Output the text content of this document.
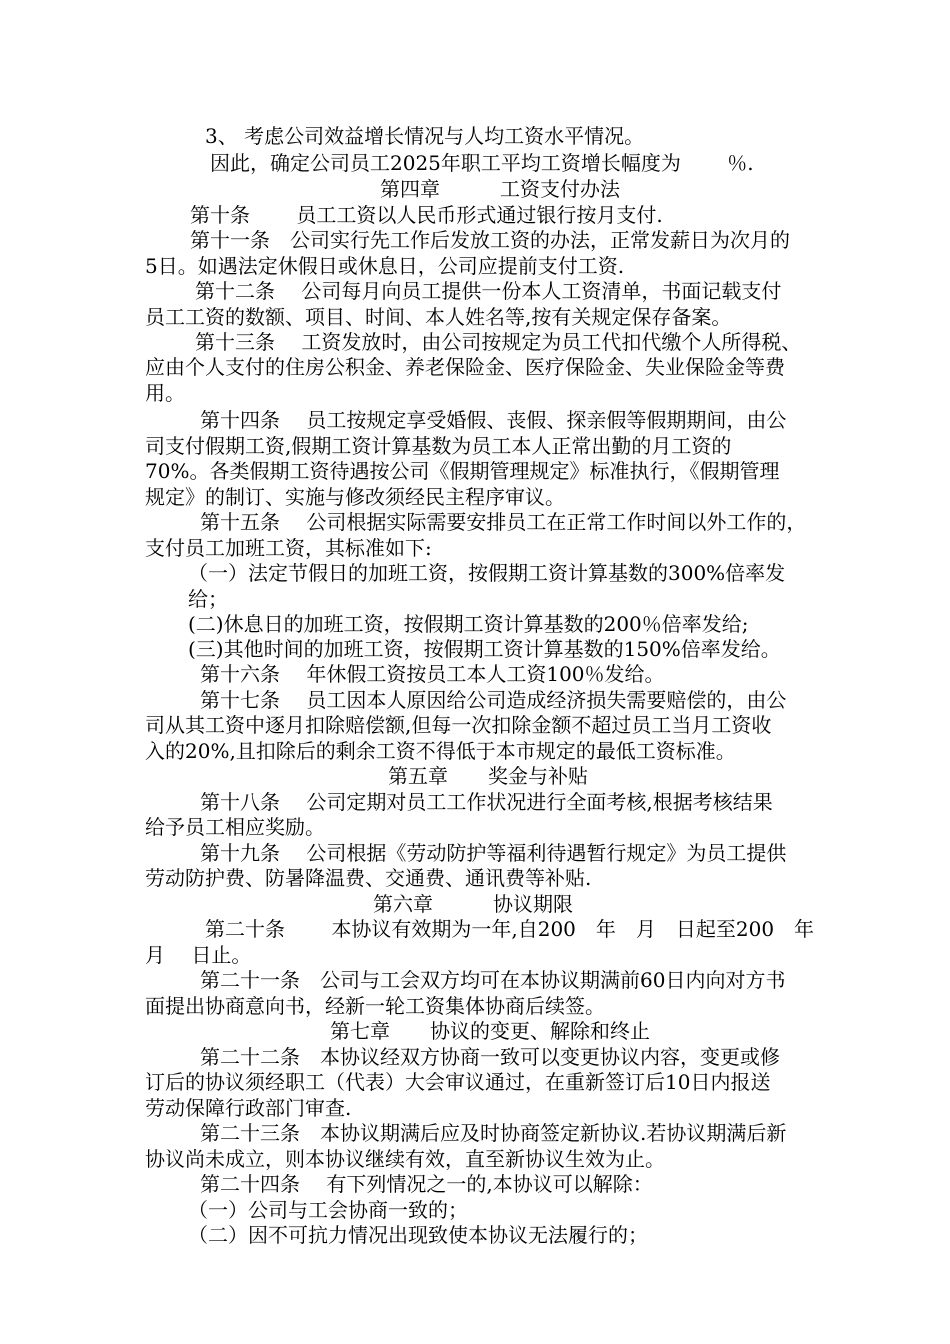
3、 考虑公司效益增长情况与人均工资水平情况。
因此，确定公司员工2025年职工平均工资增长幅度为　　 ％.
第四章　　　工资支付办法
第十条　　 员工工资以人民币形式通过银行按月支付.
第十一条　公司实行先工作后发放工资的办法，正常发薪日为次月的
5日。如遇法定休假日或休息日，公司应提前支付工资.
第十二条　 公司每月向员工提供一份本人工资清单，书面记载支付
员工工资的数额、项目、时间、本人姓名等,按有关规定保存备案。
第十三条　 工资发放时，由公司按规定为员工代扣代缴个人所得税、
应由个人支付的住房公积金、养老保险金、医疗保险金、失业保险金等费
用。
第十四条　 员工按规定享受婚假、丧假、探亲假等假期期间，由公
司支付假期工资,假期工资计算基数为员工本人正常出勤的月工资的
70%。各类假期工资待遇按公司《假期管理规定》标准执行，《假期管理
规定》的制订、实施与修改须经民主程序审议。
第十五条　 公司根据实际需要安排员工在正常工作时间以外工作的，
支付员工加班工资，其标准如下:
（一）法定节假日的加班工资，按假期工资计算基数的300%倍率发
给；
(二)休息日的加班工资，按假期工资计算基数的200％倍率发给;
(三)其他时间的加班工资，按假期工资计算基数的150%倍率发给。
第十六条　 年休假工资按员工本人工资100％发给。
第十七条　 员工因本人原因给公司造成经济损失需要赔偿的，由公
司从其工资中逐月扣除赔偿额,但每一次扣除金额不超过员工当月工资收
入的20%,且扣除后的剩余工资不得低于本市规定的最低工资标准。
第五章　　奖金与补贴
第十八条　 公司定期对员工工作状况进行全面考核,根据考核结果
给予员工相应奖励。
第十九条　 公司根据《劳动防护等福利待遇暂行规定》为员工提供
劳动防护费、防暑降温费、交通费、通讯费等补贴.
第六章　　　协议期限
第二十条　　 本协议有效期为一年,自200　年　月　日起至200　年
月　 日止。
第二十一条　公司与工会双方均可在本协议期满前60日内向对方书
面提出协商意向书，经新一轮工资集体协商后续签。
第七章　　协议的变更、解除和终止
第二十二条　本协议经双方协商一致可以变更协议内容，变更或修
订后的协议须经职工（代表）大会审议通过，在重新签订后10日内报送
劳动保障行政部门审查.
第二十三条　本协议期满后应及时协商签定新协议.若协议期满后新
协议尚未成立，则本协议继续有效，直至新协议生效为止。
第二十四条　 有下列情况之一的,本协议可以解除：
（一）公司与工会协商一致的；
（二）因不可抗力情况出现致使本协议无法履行的；
